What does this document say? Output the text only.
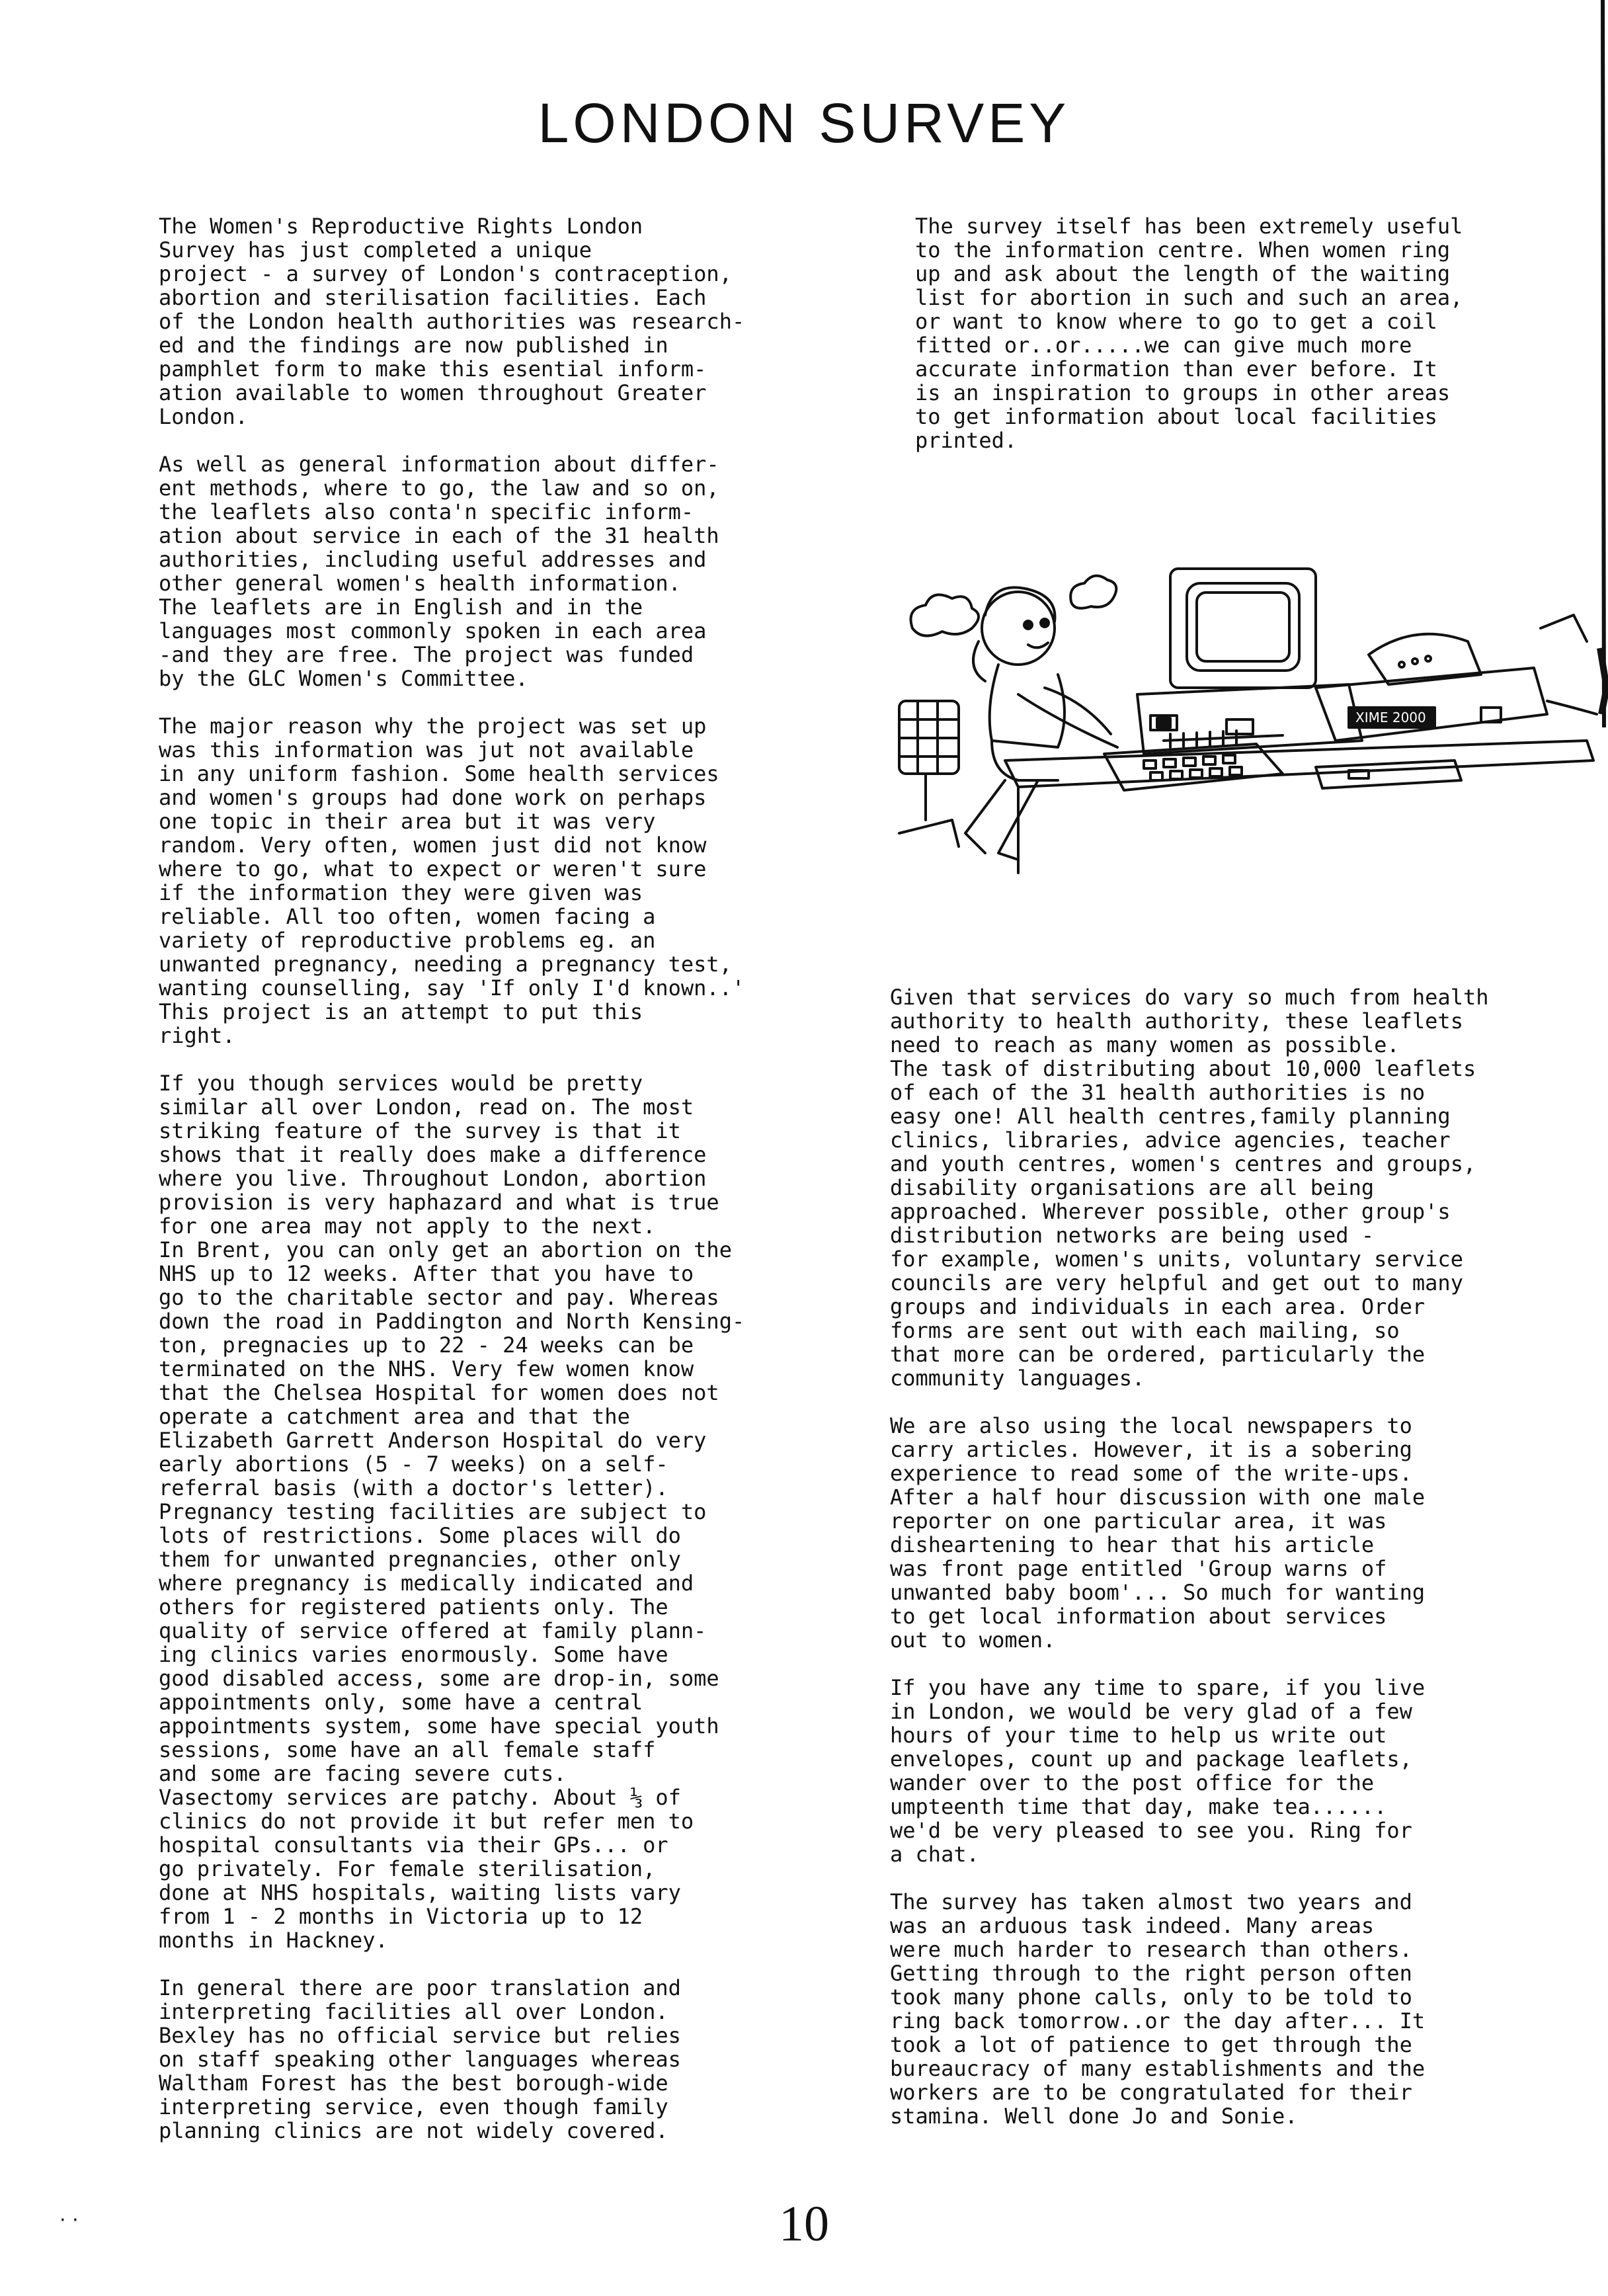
LONDON SURVEY

The Women's Reproductive Rights London
Survey has just completed a unique
project - a survey of London's contraception,
abortion and sterilisation facilities. Each
of the London health authorities was research-
ed and the findings are now published in
pamphlet form to make this esential inform-
ation available to women throughout Greater
London.

As well as general information about differ-
ent methods, where to go, the law and so on,
the leaflets also conta'n specific inform-
ation about service in each of the 31 health
authorities, including useful addresses and
other general women's health information.
The leaflets are in English and in the
languages most commonly spoken in each area
-and they are free. The project was funded
by the GLC Women's Committee.

The major reason why the project was set up
was this information was jut not available
in any uniform fashion. Some health services
and women's groups had done work on perhaps
one topic in their area but it was very
random. Very often, women just did not know
where to go, what to expect or weren't sure
if the information they were given was
reliable. All too often, women facing a
variety of reproductive problems eg. an
unwanted pregnancy, needing a pregnancy test,
wanting counselling, say 'If only I'd known..'
This project is an attempt to put this
right.

If you though services would be pretty
similar all over London, read on. The most
striking feature of the survey is that it
shows that it really does make a difference
where you live. Throughout London, abortion
provision is very haphazard and what is true
for one area may not apply to the next.
In Brent, you can only get an abortion on the
NHS up to 12 weeks. After that you have to
go to the charitable sector and pay. Whereas
down the road in Paddington and North Kensing-
ton, pregnacies up to 22 - 24 weeks can be
terminated on the NHS. Very few women know
that the Chelsea Hospital for women does not
operate a catchment area and that the
Elizabeth Garrett Anderson Hospital do very
early abortions (5 - 7 weeks) on a self-
referral basis (with a doctor's letter).
Pregnancy testing facilities are subject to
lots of restrictions. Some places will do
them for unwanted pregnancies, other only
where pregnancy is medically indicated and
others for registered patients only. The
quality of service offered at family plann-
ing clinics varies enormously. Some have
good disabled access, some are drop-in, some
appointments only, some have a central
appointments system, some have special youth
sessions, some have an all female staff
and some are facing severe cuts.
Vasectomy services are patchy. About ⅓ of
clinics do not provide it but refer men to
hospital consultants via their GPs... or
go privately. For female sterilisation,
done at NHS hospitals, waiting lists vary
from 1 - 2 months in Victoria up to 12
months in Hackney.

In general there are poor translation and
interpreting facilities all over London.
Bexley has no official service but relies
on staff speaking other languages whereas
Waltham Forest has the best borough-wide
interpreting service, even though family
planning clinics are not widely covered.

The survey itself has been extremely useful
to the information centre. When women ring
up and ask about the length of the waiting
list for abortion in such and such an area,
or want to know where to go to get a coil
fitted or..or.....we can give much more
accurate information than ever before. It
is an inspiration to groups in other areas
to get information about local facilities
printed.

XIME 2000

Given that services do vary so much from health
authority to health authority, these leaflets
need to reach as many women as possible.
The task of distributing about 10,000 leaflets
of each of the 31 health authorities is no
easy one! All health centres,family planning
clinics, libraries, advice agencies, teacher
and youth centres, women's centres and groups,
disability organisations are all being
approached. Wherever possible, other group's
distribution networks are being used -
for example, women's units, voluntary service
councils are very helpful and get out to many
groups and individuals in each area. Order
forms are sent out with each mailing, so
that more can be ordered, particularly the
community languages.

We are also using the local newspapers to
carry articles. However, it is a sobering
experience to read some of the write-ups.
After a half hour discussion with one male
reporter on one particular area, it was
disheartening to hear that his article
was front page entitled 'Group warns of
unwanted baby boom'... So much for wanting
to get local information about services
out to women.

If you have any time to spare, if you live
in London, we would be very glad of a few
hours of your time to help us write out
envelopes, count up and package leaflets,
wander over to the post office for the
umpteenth time that day, make tea......
we'd be very pleased to see you. Ring for
a chat.

The survey has taken almost two years and
was an arduous task indeed. Many areas
were much harder to research than others.
Getting through to the right person often
took many phone calls, only to be told to
ring back tomorrow..or the day after... It
took a lot of patience to get through the
bureaucracy of many establishments and the
workers are to be congratulated for their
stamina. Well done Jo and Sonie.

· ·	10
